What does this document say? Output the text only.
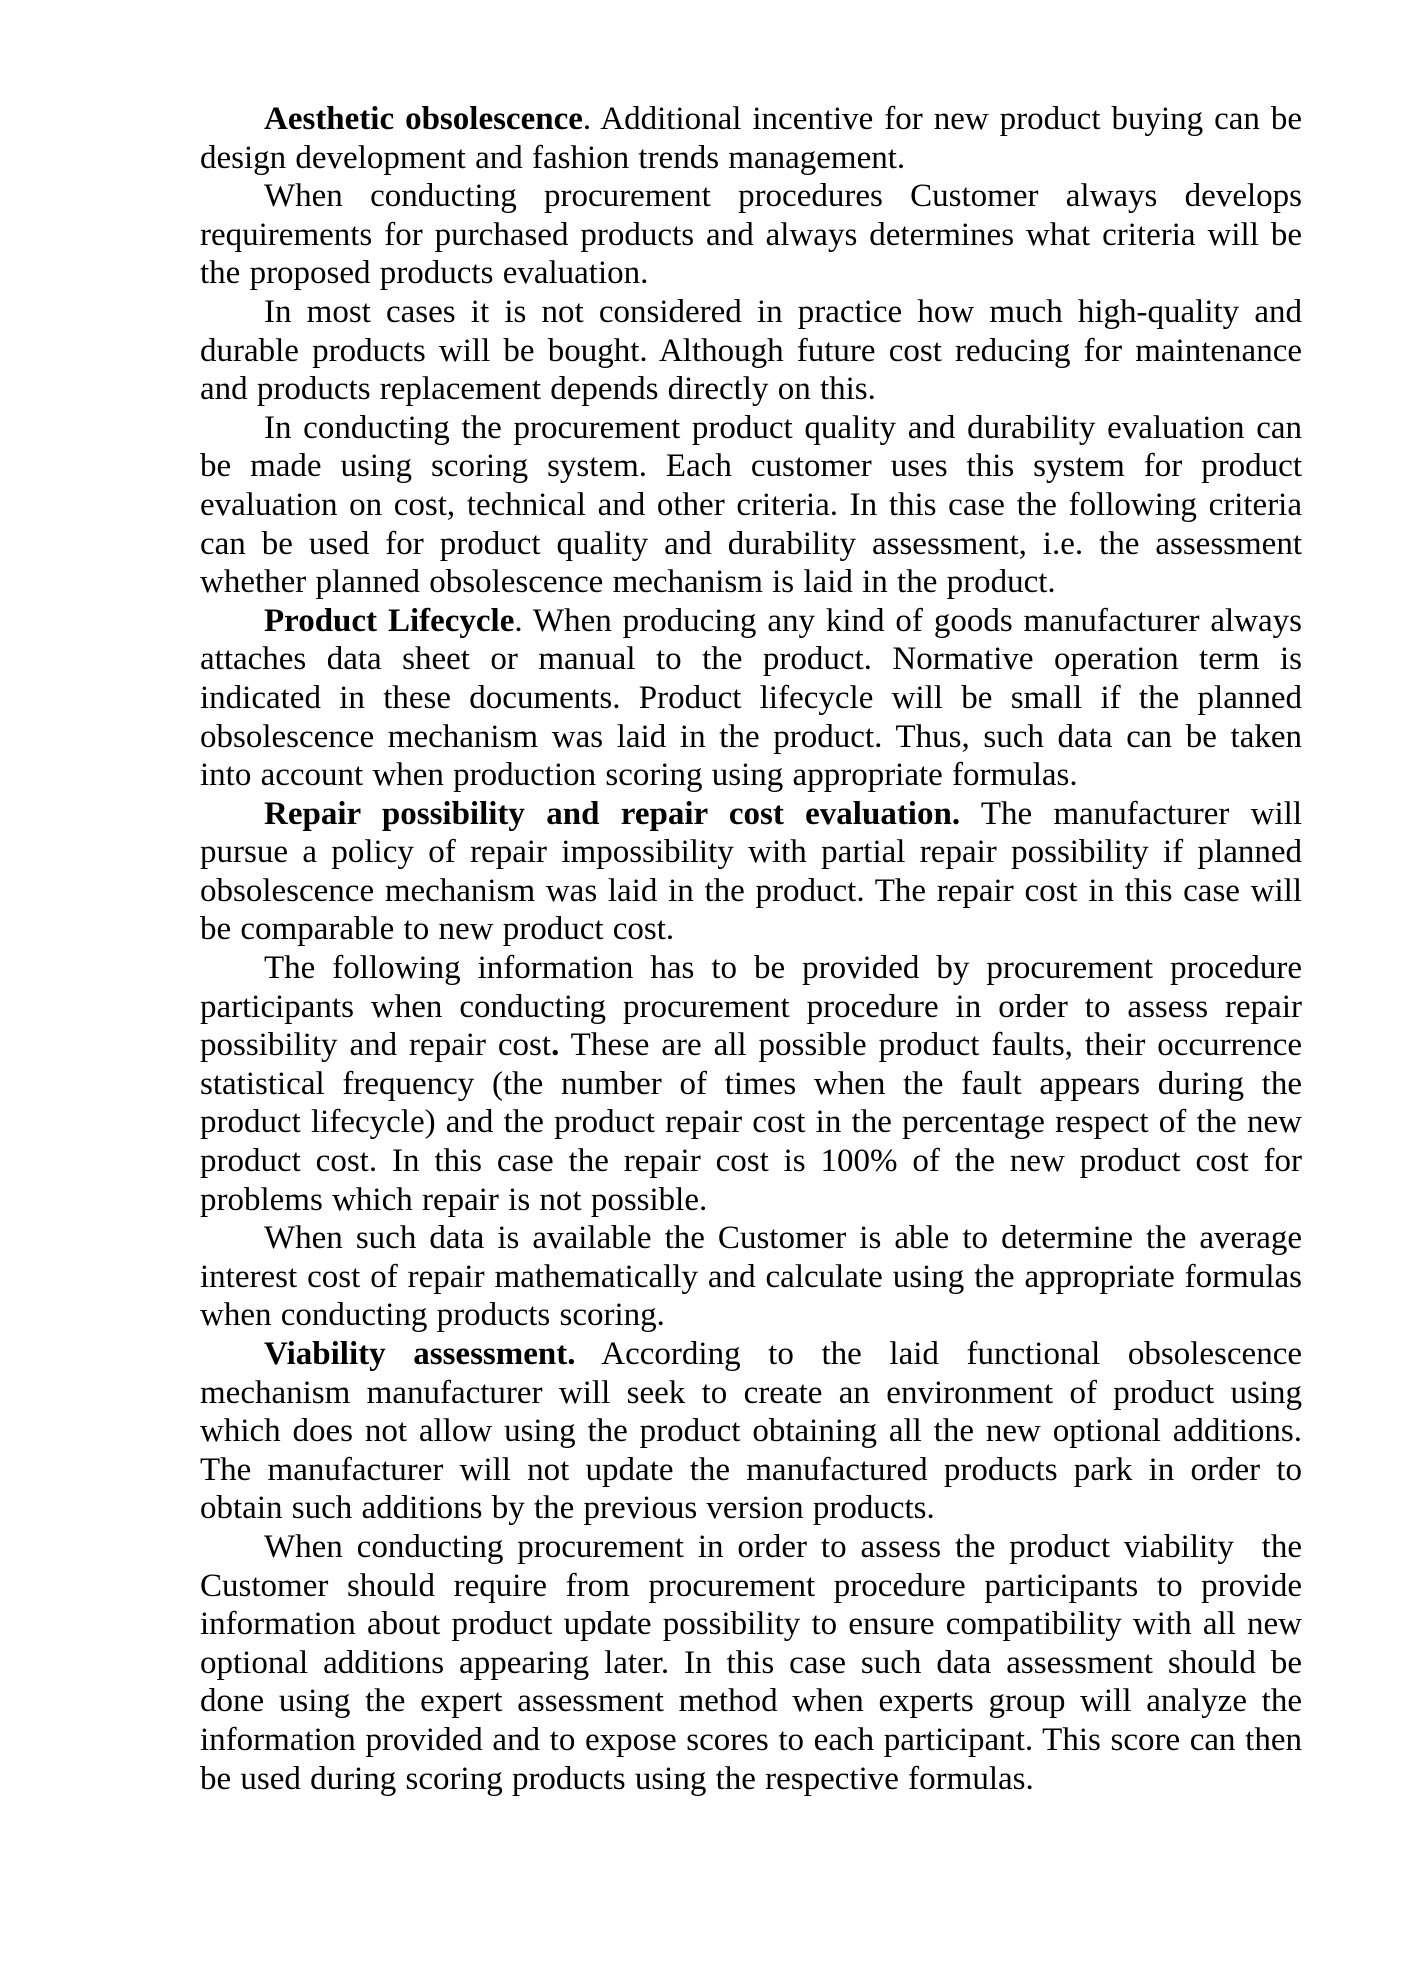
Aesthetic obsolescence. Additional incentive for new product buying can be design development and fashion trends management.

When conducting procurement procedures Customer always develops requirements for purchased products and always determines what criteria will be the proposed products evaluation.

In most cases it is not considered in practice how much high-quality and durable products will be bought. Although future cost reducing for maintenance and products replacement depends directly on this.

In conducting the procurement product quality and durability evaluation can be made using scoring system. Each customer uses this system for product evaluation on cost, technical and other criteria. In this case the following criteria can be used for product quality and durability assessment, i.e. the assessment whether planned obsolescence mechanism is laid in the product.

Product Lifecycle. When producing any kind of goods manufacturer always attaches data sheet or manual to the product. Normative operation term is indicated in these documents. Product lifecycle will be small if the planned obsolescence mechanism was laid in the product. Thus, such data can be taken into account when production scoring using appropriate formulas.

Repair possibility and repair cost evaluation. The manufacturer will pursue a policy of repair impossibility with partial repair possibility if planned obsolescence mechanism was laid in the product. The repair cost in this case will be comparable to new product cost.

The following information has to be provided by procurement procedure participants when conducting procurement procedure in order to assess repair possibility and repair cost. These are all possible product faults, their occurrence statistical frequency (the number of times when the fault appears during the product lifecycle) and the product repair cost in the percentage respect of the new product cost. In this case the repair cost is 100% of the new product cost for problems which repair is not possible.

When such data is available the Customer is able to determine the average interest cost of repair mathematically and calculate using the appropriate formulas when conducting products scoring.

Viability assessment. According to the laid functional obsolescence mechanism manufacturer will seek to create an environment of product using which does not allow using the product obtaining all the new optional additions. The manufacturer will not update the manufactured products park in order to obtain such additions by the previous version products.

When conducting procurement in order to assess the product viability  the Customer should require from procurement procedure participants to provide information about product update possibility to ensure compatibility with all new optional additions appearing later. In this case such data assessment should be done using the expert assessment method when experts group will analyze the information provided and to expose scores to each participant. This score can then be used during scoring products using the respective formulas.
